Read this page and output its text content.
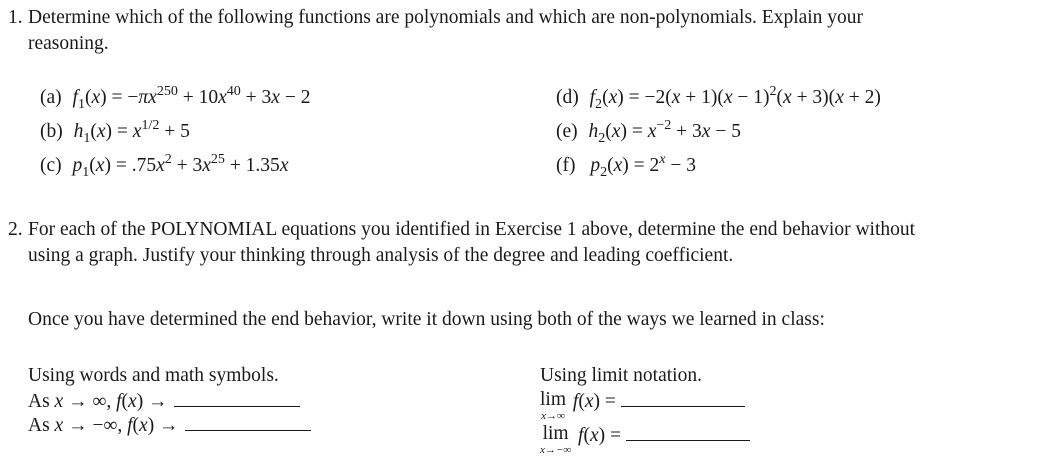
1. Determine which of the following functions are polynomials and which are non-polynomials. Explain your
reasoning.
(a) $f_1(x) = -\pi x^{250} + 10x^{40} + 3x - 2$
(b) $h_1(x) = x^{1/2} + 5$
(c) $p_1(x) = .75x^2 + 3x^{25} + 1.35x$
(d) $f_2(x) = -2(x + 1)(x - 1)^2(x + 3)(x + 2)$
(e) $h_2(x) = x^{-2} + 3x - 5$
(f) $p_2(x) = 2^x - 3$
2. For each of the POLYNOMIAL equations you identified in Exercise 1 above, determine the end behavior without
using a graph. Justify your thinking through analysis of the degree and leading coefficient.
Once you have determined the end behavior, write it down using both of the ways we learned in class:
Using words and math symbols.
As x → ∞, f(x) →
As x → −∞, f(x) →
Using limit notation.
lim
x→∞
f(x) =
lim
x→−∞
f(x) =
